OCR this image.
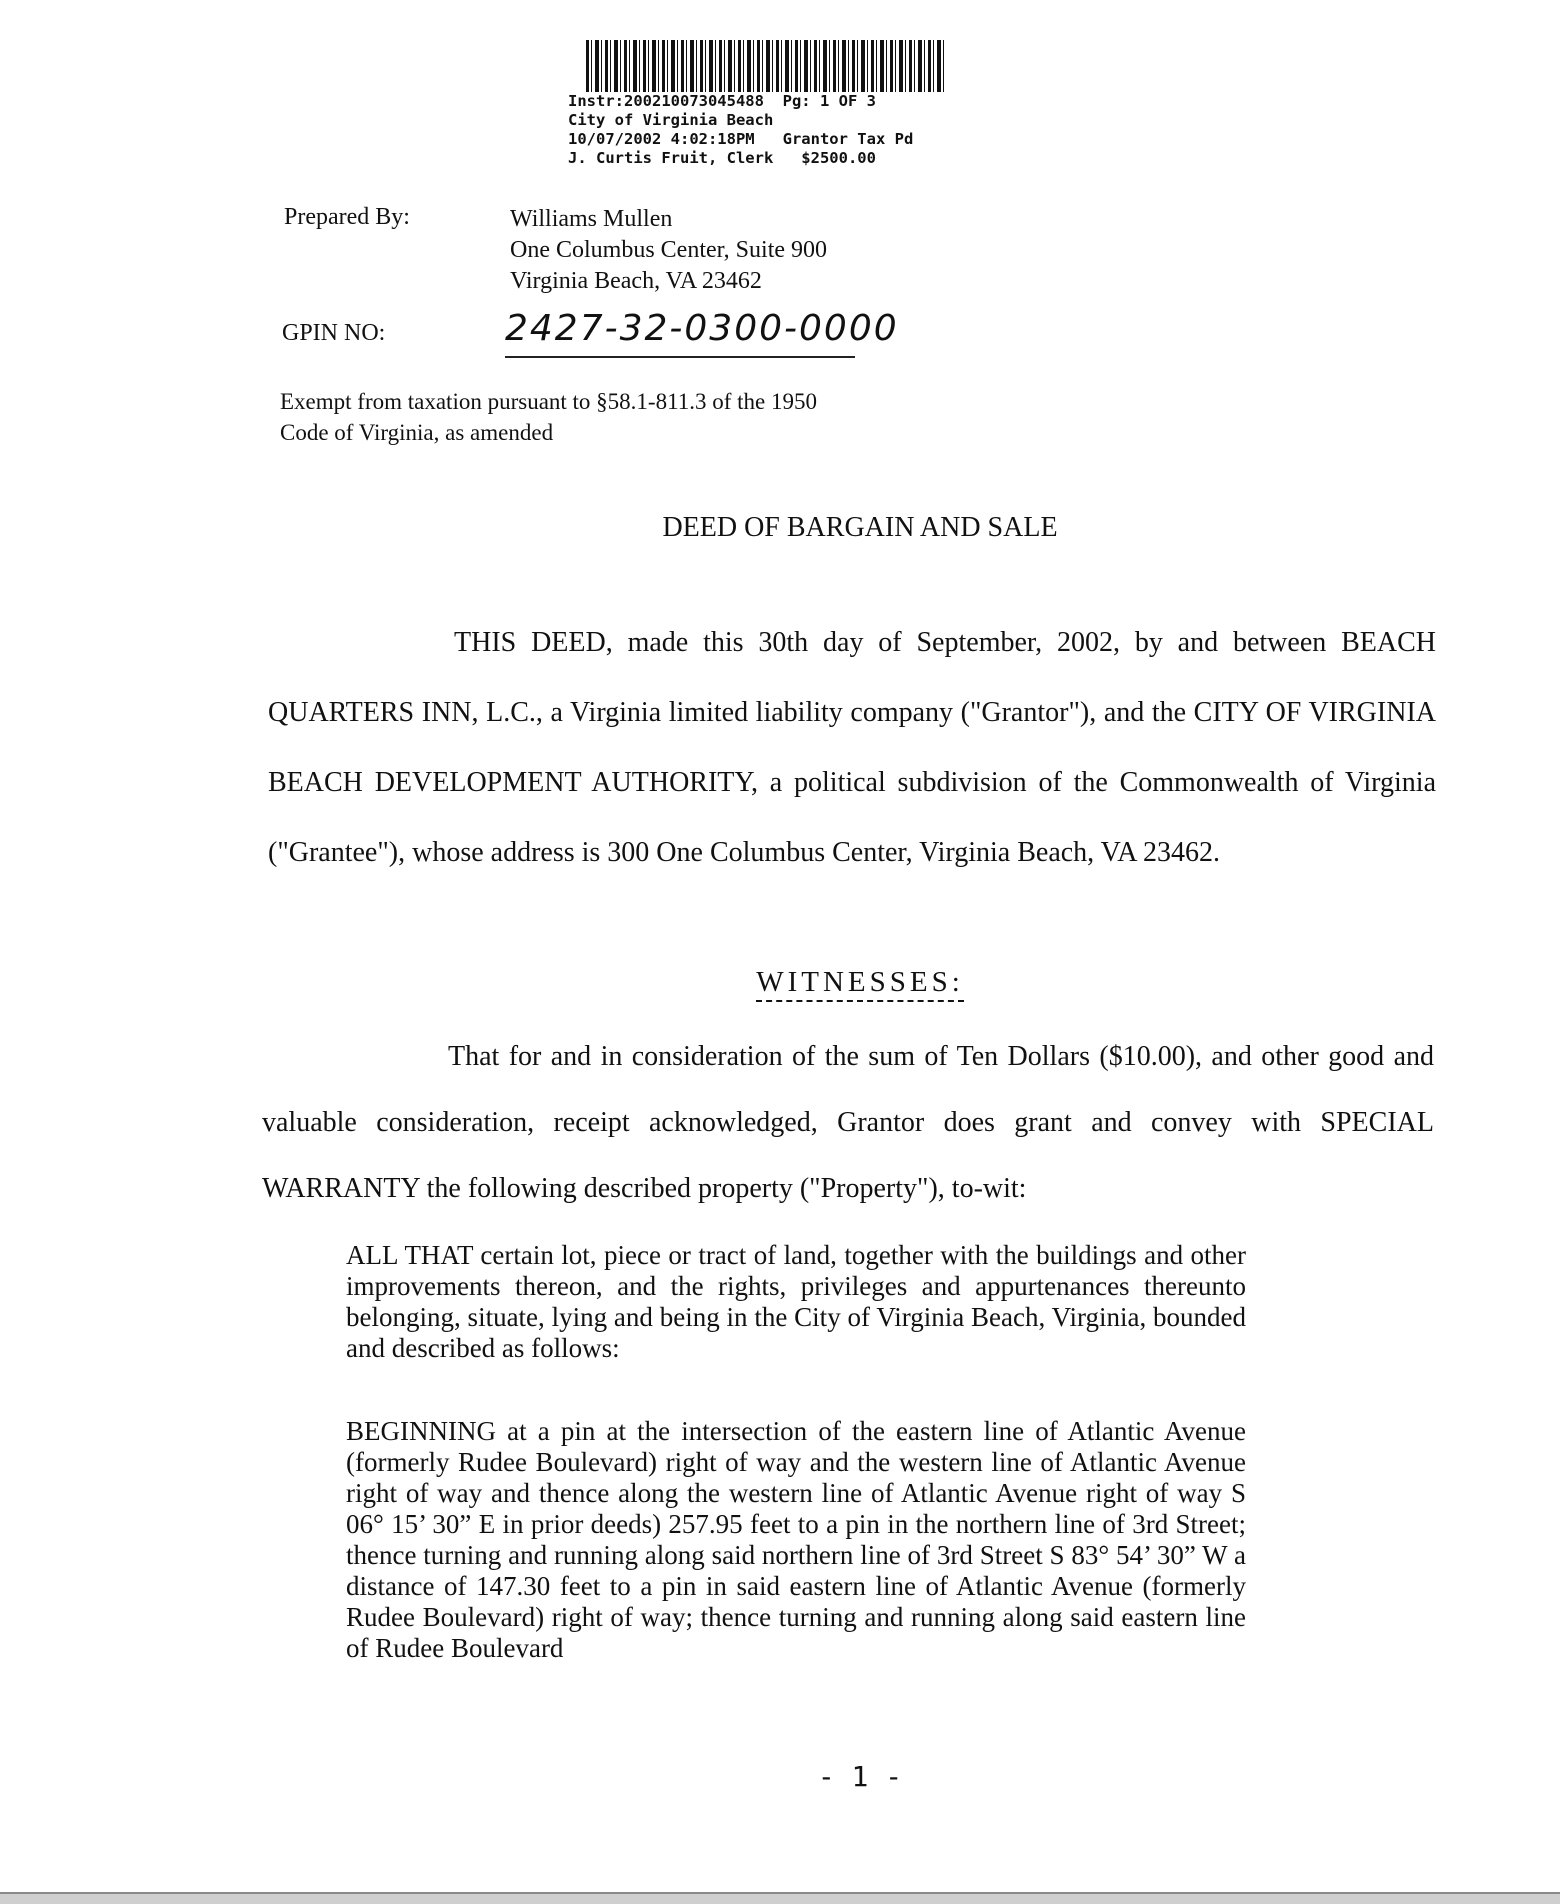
Instr:200210073045488  Pg: 1 OF 3

City of Virginia Beach

10/07/2002 4:02:18PM   Grantor Tax Pd

J. Curtis Fruit, Clerk   $2500.00

Prepared By:	Williams Mullen
One Columbus Center, Suite 900
Virginia Beach, VA 23462
GPIN NO:	2427-32-0300-0000
Exempt from taxation pursuant to §58.1-811.3 of the 1950
Code of Virginia, as amended
DEED OF BARGAIN AND SALE
THIS DEED, made this 30th day of September, 2002, by and between BEACH QUARTERS INN, L.C., a Virginia limited liability company ("Grantor"), and the CITY OF VIRGINIA BEACH DEVELOPMENT AUTHORITY, a political subdivision of the Commonwealth of Virginia ("Grantee"), whose address is 300 One Columbus Center, Virginia Beach, VA 23462.
WITNESSES:
That for and in consideration of the sum of Ten Dollars ($10.00), and other good and valuable consideration, receipt acknowledged, Grantor does grant and convey with SPECIAL WARRANTY the following described property ("Property"), to-wit:
ALL THAT certain lot, piece or tract of land, together with the buildings and other improvements thereon, and the rights, privileges and appurtenances thereunto belonging, situate, lying and being in the City of Virginia Beach, Virginia, bounded and described as follows:
BEGINNING at a pin at the intersection of the eastern line of Atlantic Avenue (formerly Rudee Boulevard) right of way and the western line of Atlantic Avenue right of way and thence along the western line of Atlantic Avenue right of way S 06° 15’ 30” E in prior deeds) 257.95 feet to a pin in the northern line of 3rd Street; thence turning and running along said northern line of 3rd Street S 83° 54’ 30” W a distance of 147.30 feet to a pin in said eastern line of Atlantic Avenue (formerly Rudee Boulevard) right of way; thence turning and running along said eastern line of Rudee Boulevard
- 1 -
